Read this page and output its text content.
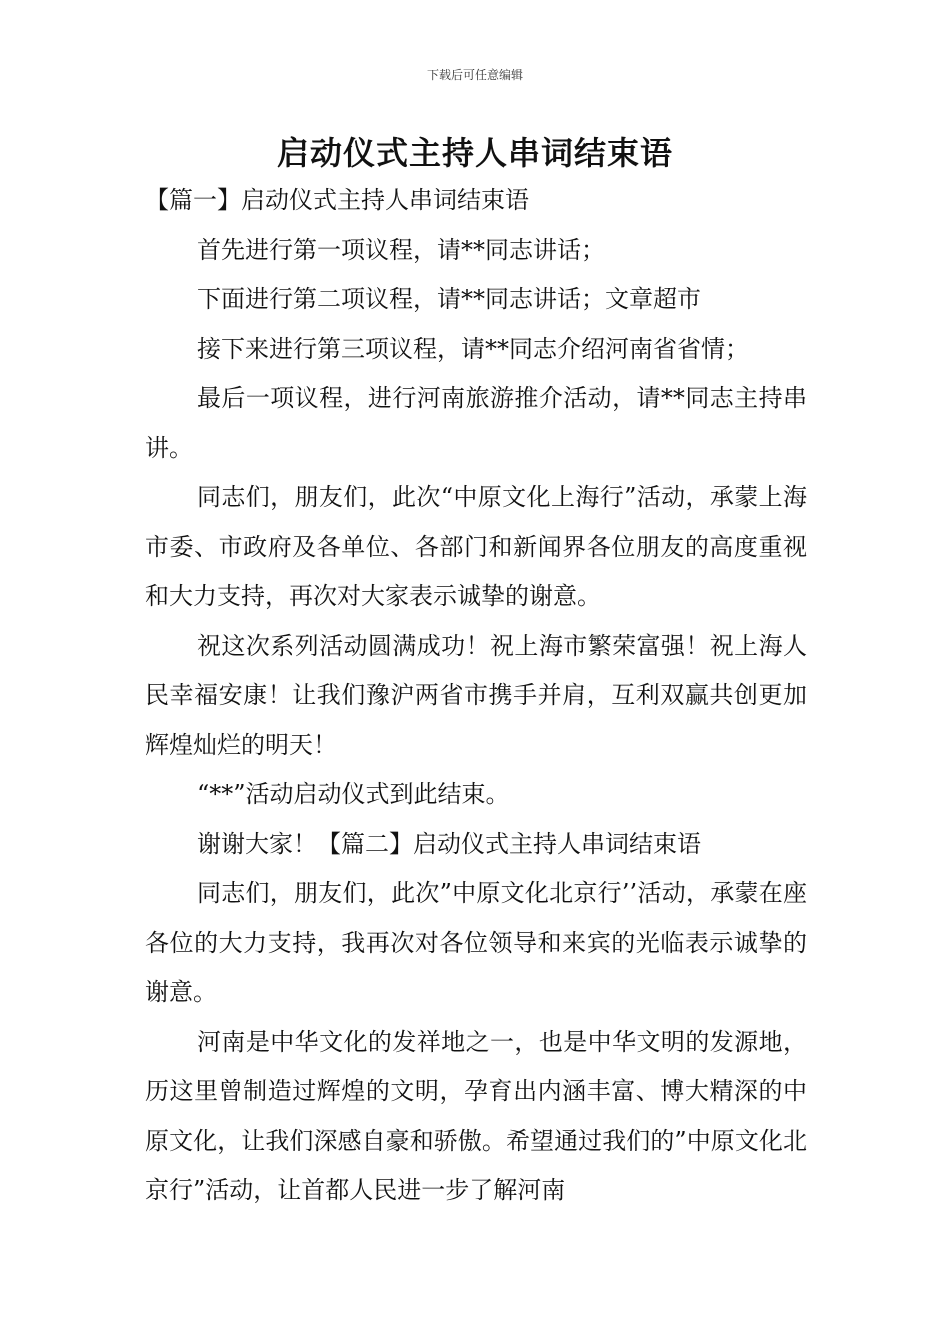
下载后可任意编辑
启动仪式主持人串词结束语

【篇一】启动仪式主持人串词结束语

首先进行第一项议程，请**同志讲话；

下面进行第二项议程，请**同志讲话；文章超市

接下来进行第三项议程，请**同志介绍河南省省情；

最后一项议程，进行河南旅游推介活动，请**同志主持串讲。

同志们，朋友们，此次“中原文化上海行”活动，承蒙上海市委、市政府及各单位、各部门和新闻界各位朋友的高度重视和大力支持，再次对大家表示诚挚的谢意。

祝这次系列活动圆满成功！祝上海市繁荣富强！祝上海人民幸福安康！让我们豫沪两省市携手并肩，互利双赢共创更加辉煌灿烂的明天！

“**”活动启动仪式到此结束。

谢谢大家！【篇二】启动仪式主持人串词结束语

同志们，朋友们，此次”中原文化北京行’’活动，承蒙在座各位的大力支持，我再次对各位领导和来宾的光临表示诚挚的谢意。

河南是中华文化的发祥地之一，也是中华文明的发源地，历这里曾制造过辉煌的文明，孕育出内涵丰富、博大精深的中原文化，让我们深感自豪和骄傲。希望通过我们的”中原文化北京行”活动，让首都人民进一步了解河南
